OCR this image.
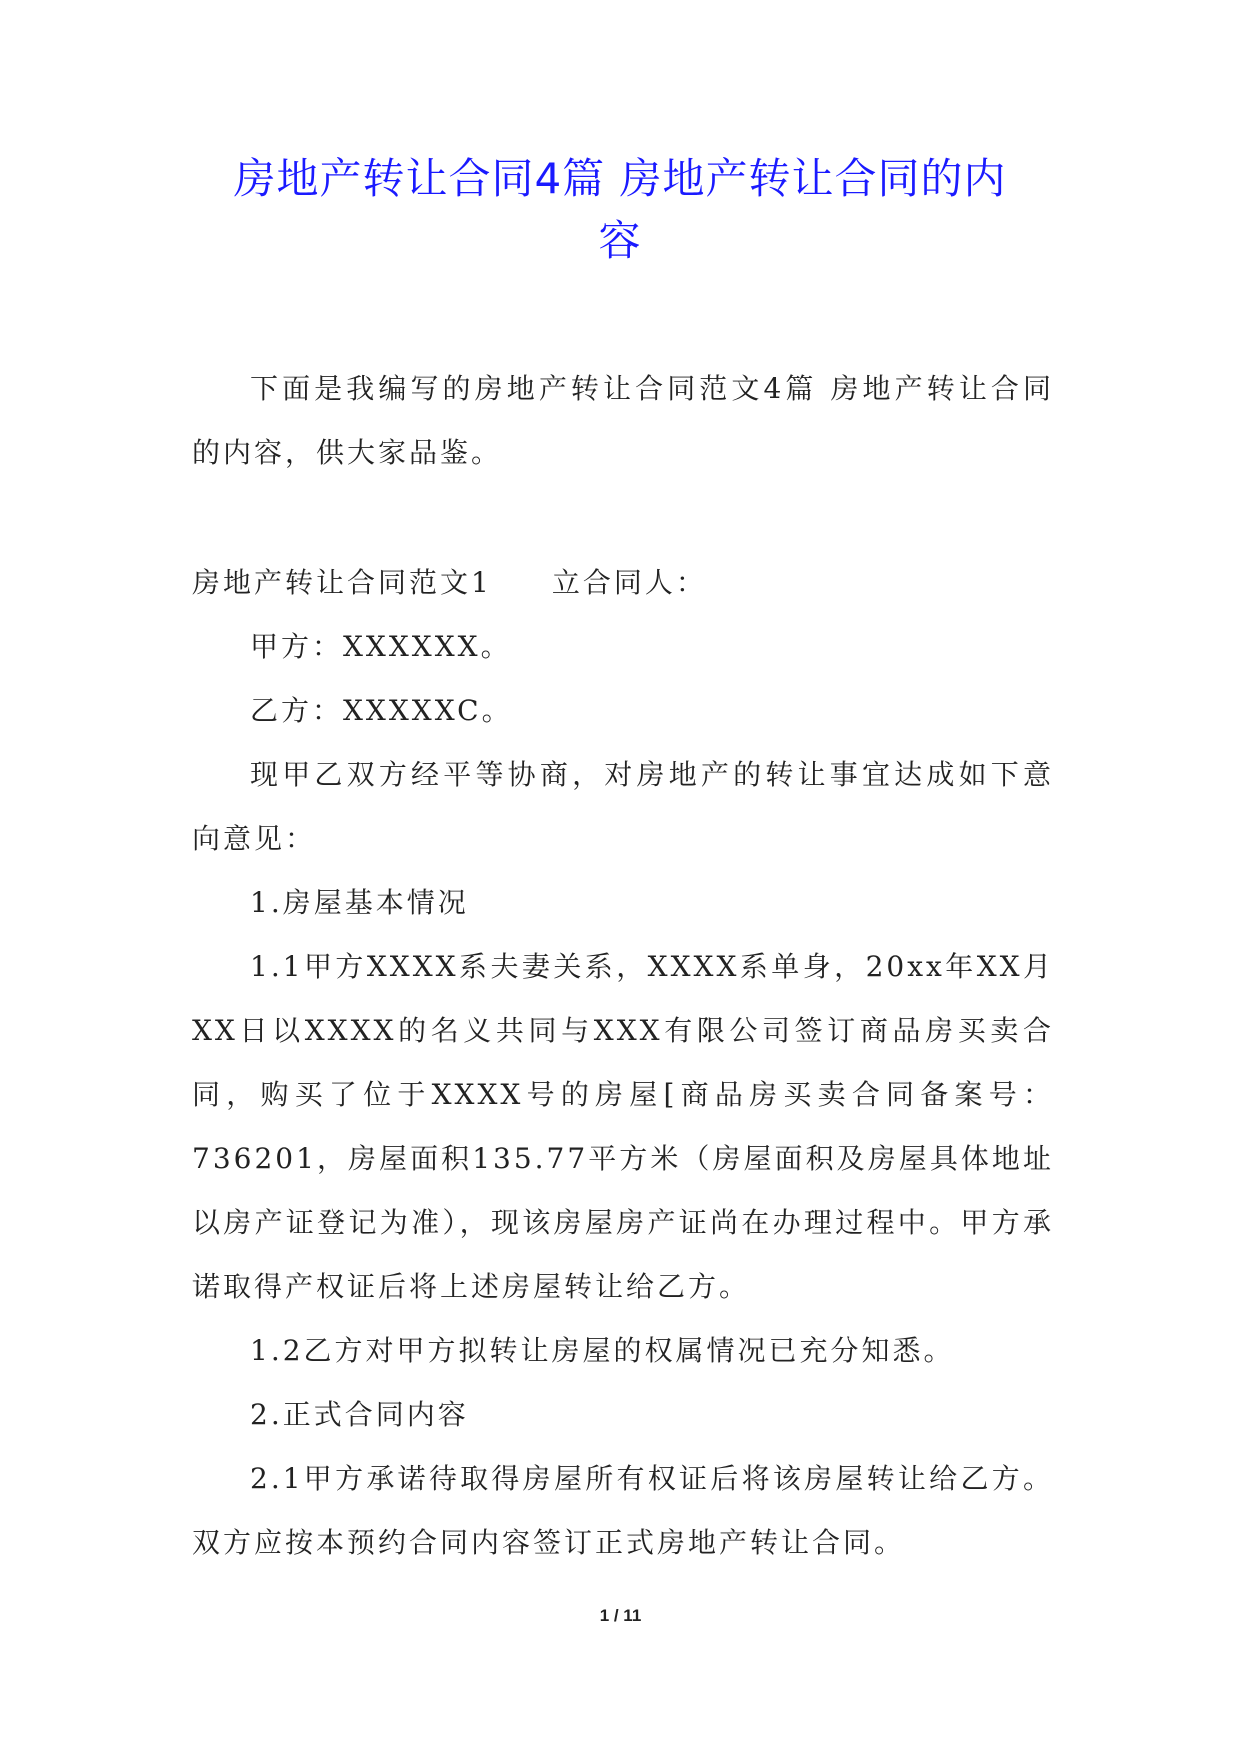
房地产转让合同4篇 房地产转让合同的内
容

下面是我编写的房地产转让合同范文4篇 房地产转让合同的内容，供大家品鉴。

房地产转让合同范文1 立合同人：

甲方：XXXXXX。

乙方：XXXXXC。

现甲乙双方经平等协商，对房地产的转让事宜达成如下意向意见：

1.房屋基本情况

1.1甲方XXXX系夫妻关系，XXXX系单身，20xx年XX月XX日以XXXX的名义共同与XXX有限公司签订商品房买卖合同，购买了位于XXXX号的房屋[商品房买卖合同备案号：736201，房屋面积135.77平方米（房屋面积及房屋具体地址以房产证登记为准），现该房屋房产证尚在办理过程中。甲方承诺取得产权证后将上述房屋转让给乙方。

1.2乙方对甲方拟转让房屋的权属情况已充分知悉。

2.正式合同内容

2.1甲方承诺待取得房屋所有权证后将该房屋转让给乙方。双方应按本预约合同内容签订正式房地产转让合同。

1 / 11
